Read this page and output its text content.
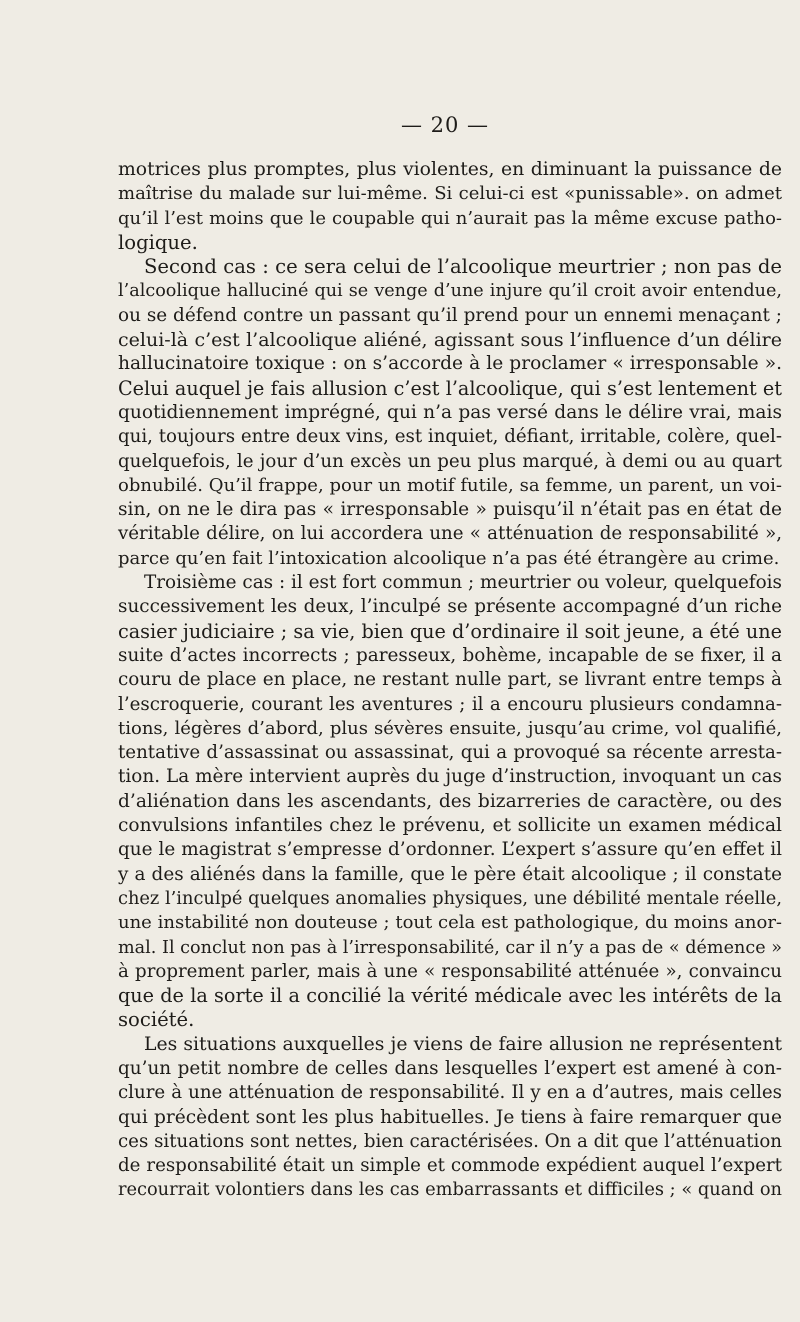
— 20 —
motrices plus promptes, plus violentes, en diminuant la puissance de
maîtrise du malade sur lui-même. Si celui-ci est «punissable». on admet
qu’il l’est moins que le coupable qui n’aurait pas la même excuse patho-
logique.
Second cas : ce sera celui de l’alcoolique meurtrier ; non pas de
l’alcoolique halluciné qui se venge d’une injure qu’il croit avoir entendue,
ou se défend contre un passant qu’il prend pour un ennemi menaçant ;
celui-là c’est l’alcoolique aliéné, agissant sous l’influence d’un délire
hallucinatoire toxique : on s’accorde à le proclamer « irresponsable ».
Celui auquel je fais allusion c’est l’alcoolique, qui s’est lentement et
quotidiennement imprégné, qui n’a pas versé dans le délire vrai, mais
qui, toujours entre deux vins, est inquiet, défiant, irritable, colère, quel-
quelquefois, le jour d’un excès un peu plus marqué, à demi ou au quart
obnubilé. Qu’il frappe, pour un motif futile, sa femme, un parent, un voi-
sin, on ne le dira pas « irresponsable » puisqu’il n’était pas en état de
véritable délire, on lui accordera une « atténuation de responsabilité »,
parce qu’en fait l’intoxication alcoolique n’a pas été étrangère au crime.
Troisième cas : il est fort commun ; meurtrier ou voleur, quelquefois
successivement les deux, l’inculpé se présente accompagné d’un riche
casier judiciaire ; sa vie, bien que d’ordinaire il soit jeune, a été une
suite d’actes incorrects ; paresseux, bohème, incapable de se fixer, il a
couru de place en place, ne restant nulle part, se livrant entre temps à
l’escroquerie, courant les aventures ; il a encouru plusieurs condamna-
tions, légères d’abord, plus sévères ensuite, jusqu’au crime, vol qualifié,
tentative d’assassinat ou assassinat, qui a provoqué sa récente arresta-
tion. La mère intervient auprès du juge d’instruction, invoquant un cas
d’aliénation dans les ascendants, des bizarreries de caractère, ou des
convulsions infantiles chez le prévenu, et sollicite un examen médical
que le magistrat s’empresse d’ordonner. L’expert s’assure qu’en effet il
y a des aliénés dans la famille, que le père était alcoolique ; il constate
chez l’inculpé quelques anomalies physiques, une débilité mentale réelle,
une instabilité non douteuse ; tout cela est pathologique, du moins anor-
mal. Il conclut non pas à l’irresponsabilité, car il n’y a pas de « démence »
à proprement parler, mais à une « responsabilité atténuée », convaincu
que de la sorte il a concilié la vérité médicale avec les intérêts de la
société.
Les situations auxquelles je viens de faire allusion ne représentent
qu’un petit nombre de celles dans lesquelles l’expert est amené à con-
clure à une atténuation de responsabilité. Il y en a d’autres, mais celles
qui précèdent sont les plus habituelles. Je tiens à faire remarquer que
ces situations sont nettes, bien caractérisées. On a dit que l’atténuation
de responsabilité était un simple et commode expédient auquel l’expert
recourrait volontiers dans les cas embarrassants et difficiles ; « quand on
